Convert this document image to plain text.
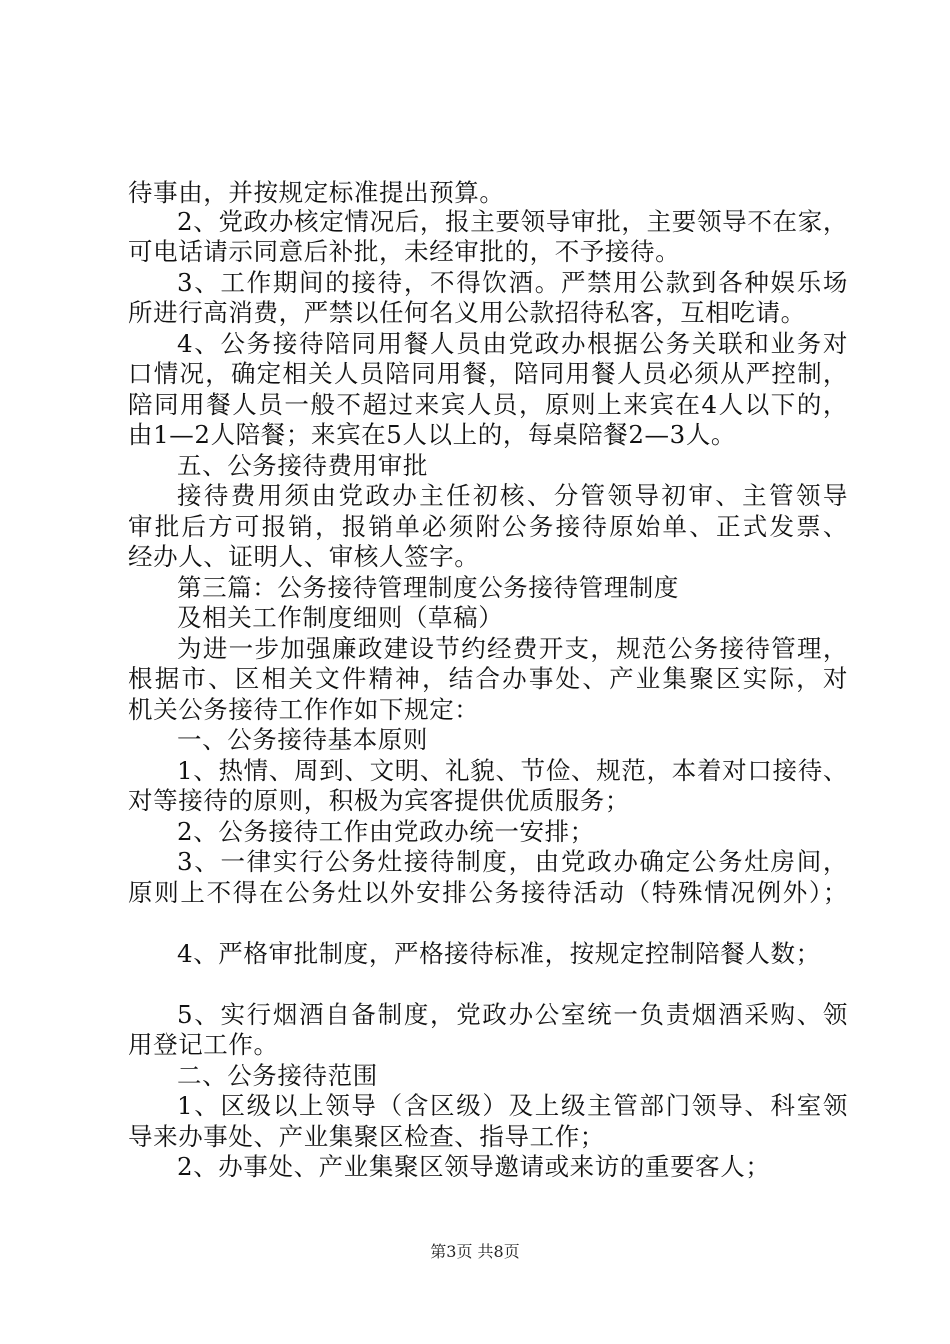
待事由，并按规定标准提出预算。
2、党政办核定情况后，报主要领导审批，主要领导不在家，
可电话请示同意后补批，未经审批的，不予接待。
3、工作期间的接待，不得饮酒。严禁用公款到各种娱乐场
所进行高消费，严禁以任何名义用公款招待私客，互相吃请。
4、公务接待陪同用餐人员由党政办根据公务关联和业务对
口情况，确定相关人员陪同用餐，陪同用餐人员必须从严控制，
陪同用餐人员一般不超过来宾人员，原则上来宾在4人以下的，
由1—2人陪餐；来宾在5人以上的，每桌陪餐2—3人。
五、公务接待费用审批
接待费用须由党政办主任初核、分管领导初审、主管领导
审批后方可报销，报销单必须附公务接待原始单、正式发票、
经办人、证明人、审核人签字。
第三篇：公务接待管理制度公务接待管理制度
及相关工作制度细则（草稿）
为进一步加强廉政建设节约经费开支，规范公务接待管理，
根据市、区相关文件精神，结合办事处、产业集聚区实际，对
机关公务接待工作作如下规定：
一、公务接待基本原则
1、热情、周到、文明、礼貌、节俭、规范，本着对口接待、
对等接待的原则，积极为宾客提供优质服务；
2、公务接待工作由党政办统一安排；
3、一律实行公务灶接待制度，由党政办确定公务灶房间，
原则上不得在公务灶以外安排公务接待活动（特殊情况例外）；
4、严格审批制度，严格接待标准，按规定控制陪餐人数；
5、实行烟酒自备制度，党政办公室统一负责烟酒采购、领
用登记工作。
二、公务接待范围
1、区级以上领导（含区级）及上级主管部门领导、科室领
导来办事处、产业集聚区检查、指导工作；
2、办事处、产业集聚区领导邀请或来访的重要客人；
第3页 共8页
